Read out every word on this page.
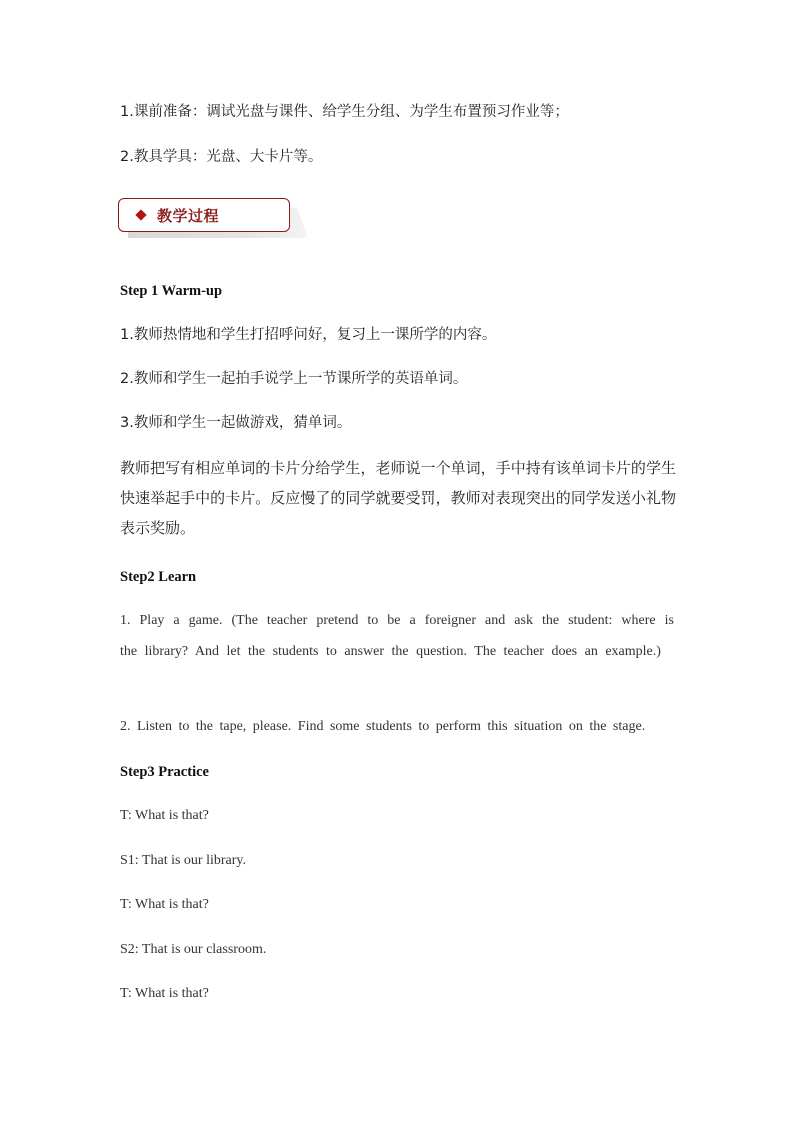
1.课前准备：调试光盘与课件、给学生分组、为学生布置预习作业等；
2.教具学具：光盘、大卡片等。
教学过程
Step 1 Warm-up
1.教师热情地和学生打招呼问好，复习上一课所学的内容。
2.教师和学生一起拍手说学上一节课所学的英语单词。
3.教师和学生一起做游戏，猜单词。
教师把写有相应单词的卡片分给学生，老师说一个单词，手中持有该单词卡片的学生快速举起手中的卡片。反应慢了的同学就要受罚，教师对表现突出的同学发送小礼物表示奖励。
Step2 Learn
1. Play a game. (The teacher pretend to be a foreigner and ask the student: where is the library? And let the students to answer the question. The teacher does an example.)
2. Listen to the tape, please. Find some students to perform this situation on the stage.
Step3 Practice
T: What is that?
S1: That is our library.
T: What is that?
S2: That is our classroom.
T: What is that?
